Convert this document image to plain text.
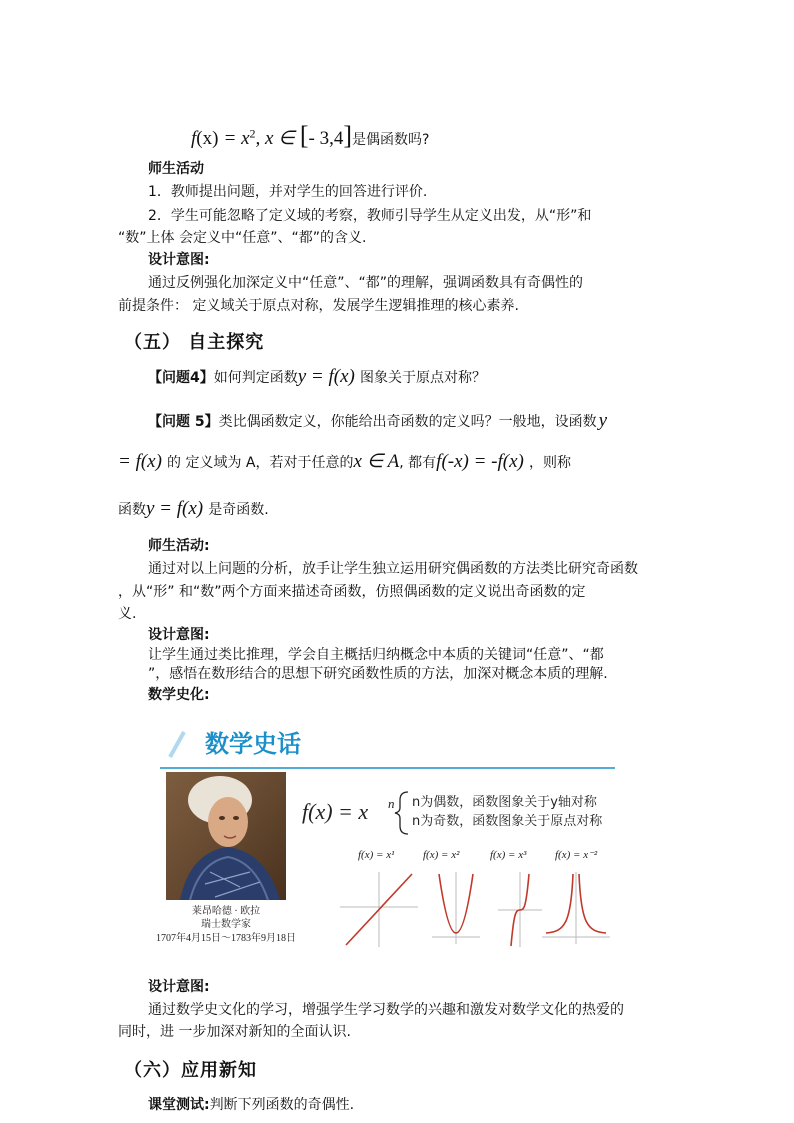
$f(x) = x^2$, x ∈ [- 3,4]是偶函数吗?
师生活动
1．教师提出问题，并对学生的回答进行评价.
2．学生可能忽略了定义域的考察，教师引导学生从定义出发，从“形”和
“数”上体 会定义中“任意”、“都”的含义.
设计意图:
通过反例强化加深定义中“任意”、“都”的理解，强调函数具有奇偶性的
前提条件： 定义域关于原点对称，发展学生逻辑推理的核心素养.
（五） 自主探究
【问题4】如何判定函数y = f(x) 图象关于原点对称？
【问题 5】类比偶函数定义，你能给出奇函数的定义吗？一般地，设函数 y
= f(x) 的 定义域为 A，若对于任意的x ∈ A, 都有f(-x) = -f(x) ，则称
函数y = f(x) 是奇函数.
师生活动:
通过对以上问题的分析，放手让学生独立运用研究偶函数的方法类比研究奇函数
，从“形” 和“数”两个方面来描述奇函数，仿照偶函数的定义说出奇函数的定
义.
设计意图:
让学生通过类比推理，学会自主概括归纳概念中本质的关键词“任意”、“都
”，感悟在数形结合的思想下研究函数性质的方法，加深对概念本质的理解.
数学史化:
数学史话
莱昂哈德 · 欧拉
瑞士数学家
1707年4月15日～1783年9月18日
f(x) = x n n为偶数，函数图象关于y轴对称
n为奇数，函数图象关于原点对称
f(x) = x¹	f(x) = x²	f(x) = x³	f(x) = x⁻²
设计意图:
通过数学史文化的学习，增强学生学习数学的兴趣和激发对数学文化的热爱的
同时，进 一步加深对新知的全面认识.
（六）应用新知
课堂测试:判断下列函数的奇偶性.
